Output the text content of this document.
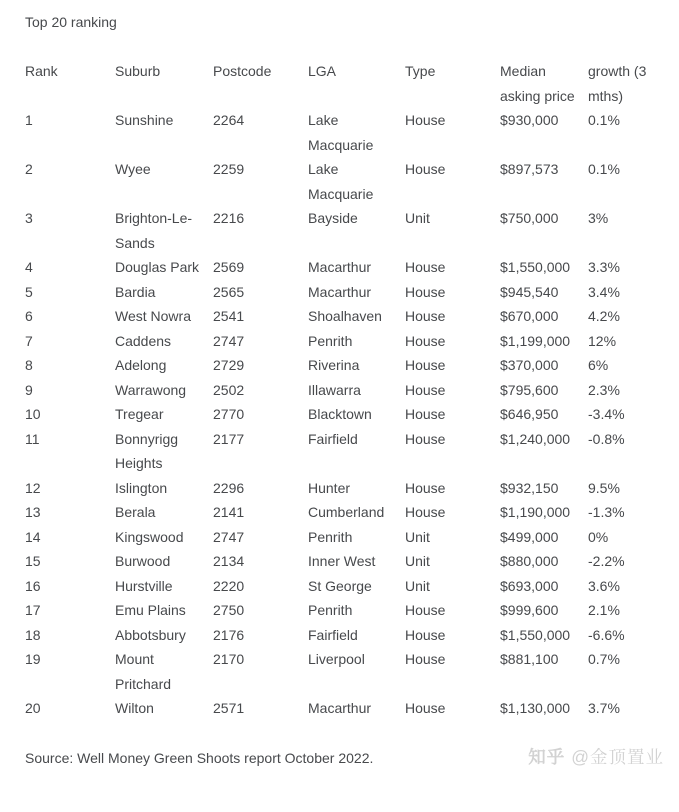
Top 20 ranking
Rank	Suburb	Postcode	LGA	Type	Median asking price	growth (3 mths)
1	Sunshine	2264	Lake Macquarie	House	$930,000	0.1%
2	Wyee	2259	Lake Macquarie	House	$897,573	0.1%
3	Brighton-Le-Sands	2216	Bayside	Unit	$750,000	3%
4	Douglas Park	2569	Macarthur	House	$1,550,000	3.3%
5	Bardia	2565	Macarthur	House	$945,540	3.4%
6	West Nowra	2541	Shoalhaven	House	$670,000	4.2%
7	Caddens	2747	Penrith	House	$1,199,000	12%
8	Adelong	2729	Riverina	House	$370,000	6%
9	Warrawong	2502	Illawarra	House	$795,600	2.3%
10	Tregear	2770	Blacktown	House	$646,950	-3.4%
11	Bonnyrigg Heights	2177	Fairfield	House	$1,240,000	-0.8%
12	Islington	2296	Hunter	House	$932,150	9.5%
13	Berala	2141	Cumberland	House	$1,190,000	-1.3%
14	Kingswood	2747	Penrith	Unit	$499,000	0%
15	Burwood	2134	Inner West	Unit	$880,000	-2.2%
16	Hurstville	2220	St George	Unit	$693,000	3.6%
17	Emu Plains	2750	Penrith	House	$999,600	2.1%
18	Abbotsbury	2176	Fairfield	House	$1,550,000	-6.6%
19	Mount Pritchard	2170	Liverpool	House	$881,100	0.7%
20	Wilton	2571	Macarthur	House	$1,130,000	3.7%
Source: Well Money Green Shoots report October 2022.	知乎 @金顶置业
